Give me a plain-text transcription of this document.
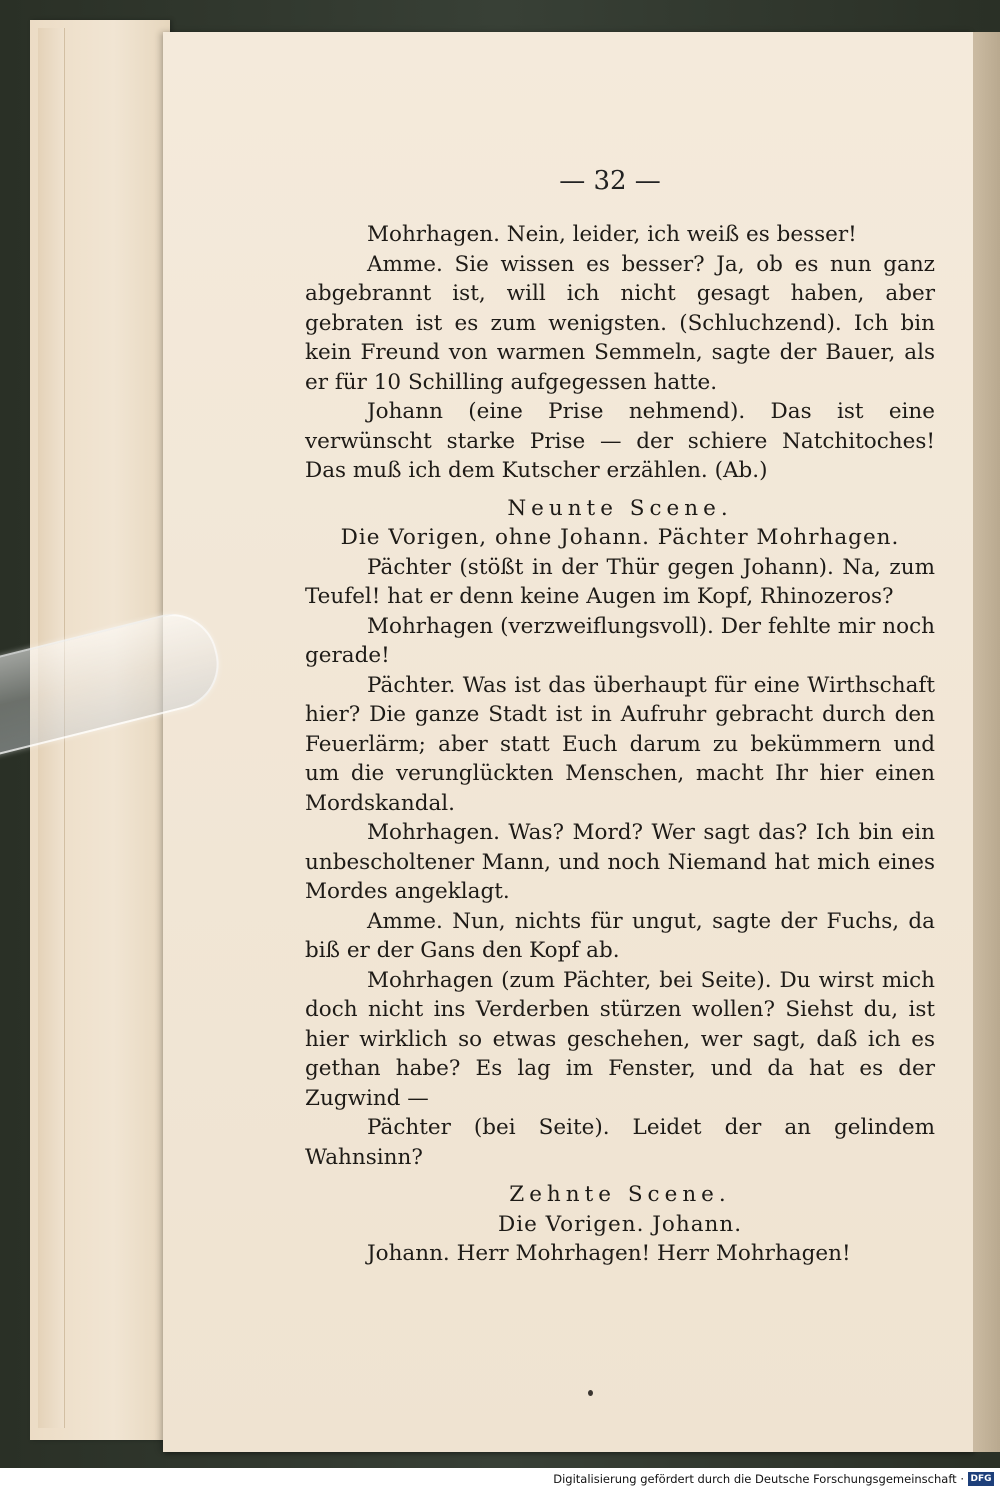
— 32 —

Mohrhagen. Nein, leider, ich weiß es besser!

Amme. Sie wissen es besser? Ja, ob es nun ganz abgebrannt ist, will ich nicht gesagt haben, aber gebraten ist es zum wenigsten. (Schluchzend). Ich bin kein Freund von warmen Semmeln, sagte der Bauer, als er für 10 Schilling aufgegessen hatte.

Johann (eine Prise nehmend). Das ist eine verwünscht starke Prise — der schiere Natchitoches! Das muß ich dem Kutscher erzählen. (Ab.)

Neunte Scene.

Die Vorigen, ohne Johann. Pächter Mohrhagen.

Pächter (stößt in der Thür gegen Johann). Na, zum Teufel! hat er denn keine Augen im Kopf, Rhinozeros?

Mohrhagen (verzweiflungsvoll). Der fehlte mir noch gerade!

Pächter. Was ist das überhaupt für eine Wirthschaft hier? Die ganze Stadt ist in Aufruhr gebracht durch den Feuerlärm; aber statt Euch darum zu bekümmern und um die verunglückten Menschen, macht Ihr hier einen Mordskandal.

Mohrhagen. Was? Mord? Wer sagt das? Ich bin ein unbescholtener Mann, und noch Niemand hat mich eines Mordes angeklagt.

Amme. Nun, nichts für ungut, sagte der Fuchs, da biß er der Gans den Kopf ab.

Mohrhagen (zum Pächter, bei Seite). Du wirst mich doch nicht ins Verderben stürzen wollen? Siehst du, ist hier wirklich so etwas geschehen, wer sagt, daß ich es gethan habe? Es lag im Fenster, und da hat es der Zugwind —

Pächter (bei Seite). Leidet der an gelindem Wahnsinn?

Zehnte Scene.

Die Vorigen. Johann.

Johann. Herr Mohrhagen! Herr Mohrhagen!

Digitalisierung gefördert durch die Deutsche Forschungsgemeinschaft · DFG
